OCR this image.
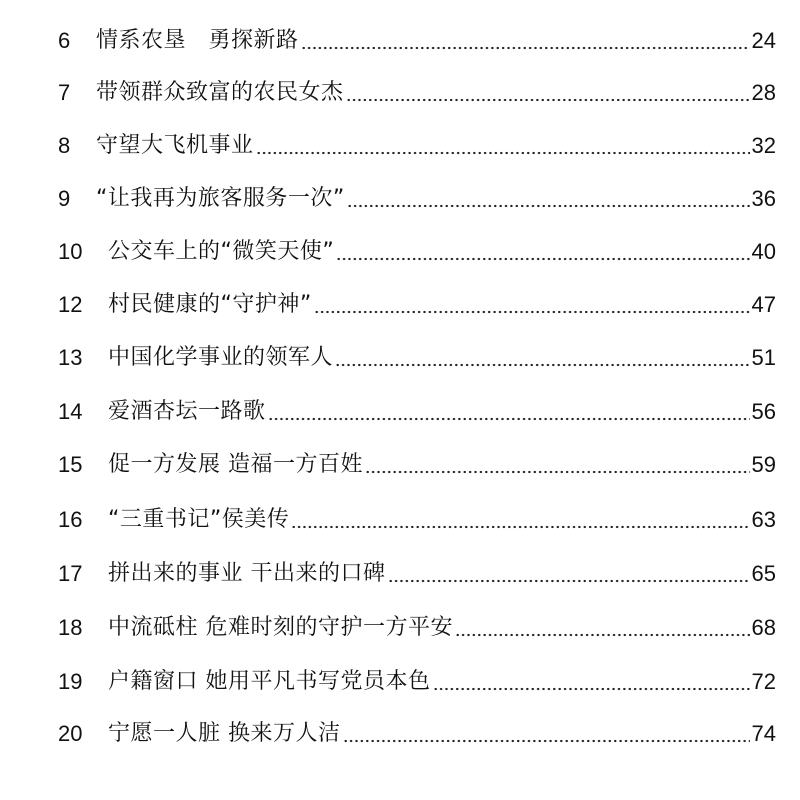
6	情系农垦　勇探新路	24
7	带领群众致富的农民女杰	28
8	守望大飞机事业	32
9	“让我再为旅客服务一次”	36
10	公交车上的“微笑天使”	40
12	村民健康的“守护神”	47
13	中国化学事业的领军人	51
14	爱酒杏坛一路歌	56
15	促一方发展 造福一方百姓	59
16	“三重书记”侯美传	63
17	拼出来的事业 干出来的口碑	65
18	中流砥柱 危难时刻的守护一方平安	68
19	户籍窗口 她用平凡书写党员本色	72
20	宁愿一人脏 换来万人洁	74
